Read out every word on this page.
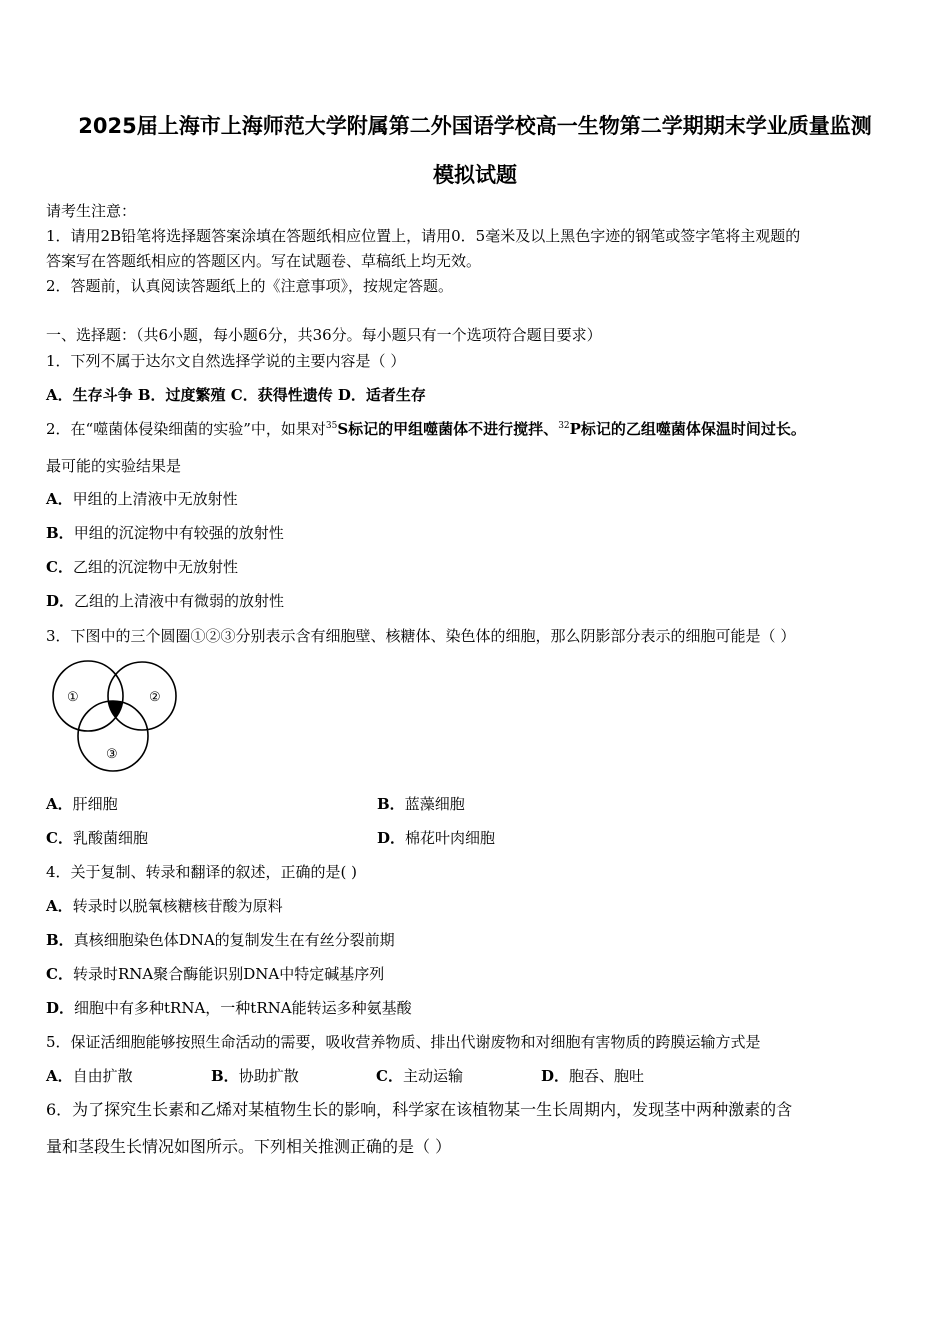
2025届上海市上海师范大学附属第二外国语学校高一生物第二学期期末学业质量监测
模拟试题
请考生注意：
1．请用2B铅笔将选择题答案涂填在答题纸相应位置上，请用0．5毫米及以上黑色字迹的钢笔或签字笔将主观题的
答案写在答题纸相应的答题区内。写在试题卷、草稿纸上均无效。
2．答题前，认真阅读答题纸上的《注意事项》，按规定答题。
一、选择题：（共6小题，每小题6分，共36分。每小题只有一个选项符合题目要求）
1．下列不属于达尔文自然选择学说的主要内容是（ ）
A．生存斗争 B．过度繁殖 C．获得性遗传 D．适者生存
2．在“噬菌体侵染细菌的实验”中，如果对$^{35}$S标记的甲组噬菌体不进行搅拌、$^{32}$P标记的乙组噬菌体保温时间过长。
最可能的实验结果是
A．甲组的上清液中无放射性
B．甲组的沉淀物中有较强的放射性
C．乙组的沉淀物中无放射性
D．乙组的上清液中有微弱的放射性
3．下图中的三个圆圈①②③分别表示含有细胞壁、核糖体、染色体的细胞，那么阴影部分表示的细胞可能是（ ）
①	②
③
A．肝细胞	B．蓝藻细胞
C．乳酸菌细胞	D．棉花叶肉细胞
4．关于复制、转录和翻译的叙述，正确的是( )
A．转录时以脱氧核糖核苷酸为原料
B．真核细胞染色体DNA的复制发生在有丝分裂前期
C．转录时RNA聚合酶能识别DNA中特定碱基序列
D．细胞中有多种tRNA，一种tRNA能转运多种氨基酸
5．保证活细胞能够按照生命活动的需要，吸收营养物质、排出代谢废物和对细胞有害物质的跨膜运输方式是
A．自由扩散	B．协助扩散	C．主动运输	D．胞吞、胞吐
6．为了探究生长素和乙烯对某植物生长的影响，科学家在该植物某一生长周期内，发现茎中两种激素的含
量和茎段生长情况如图所示。下列相关推测正确的是（ ）
